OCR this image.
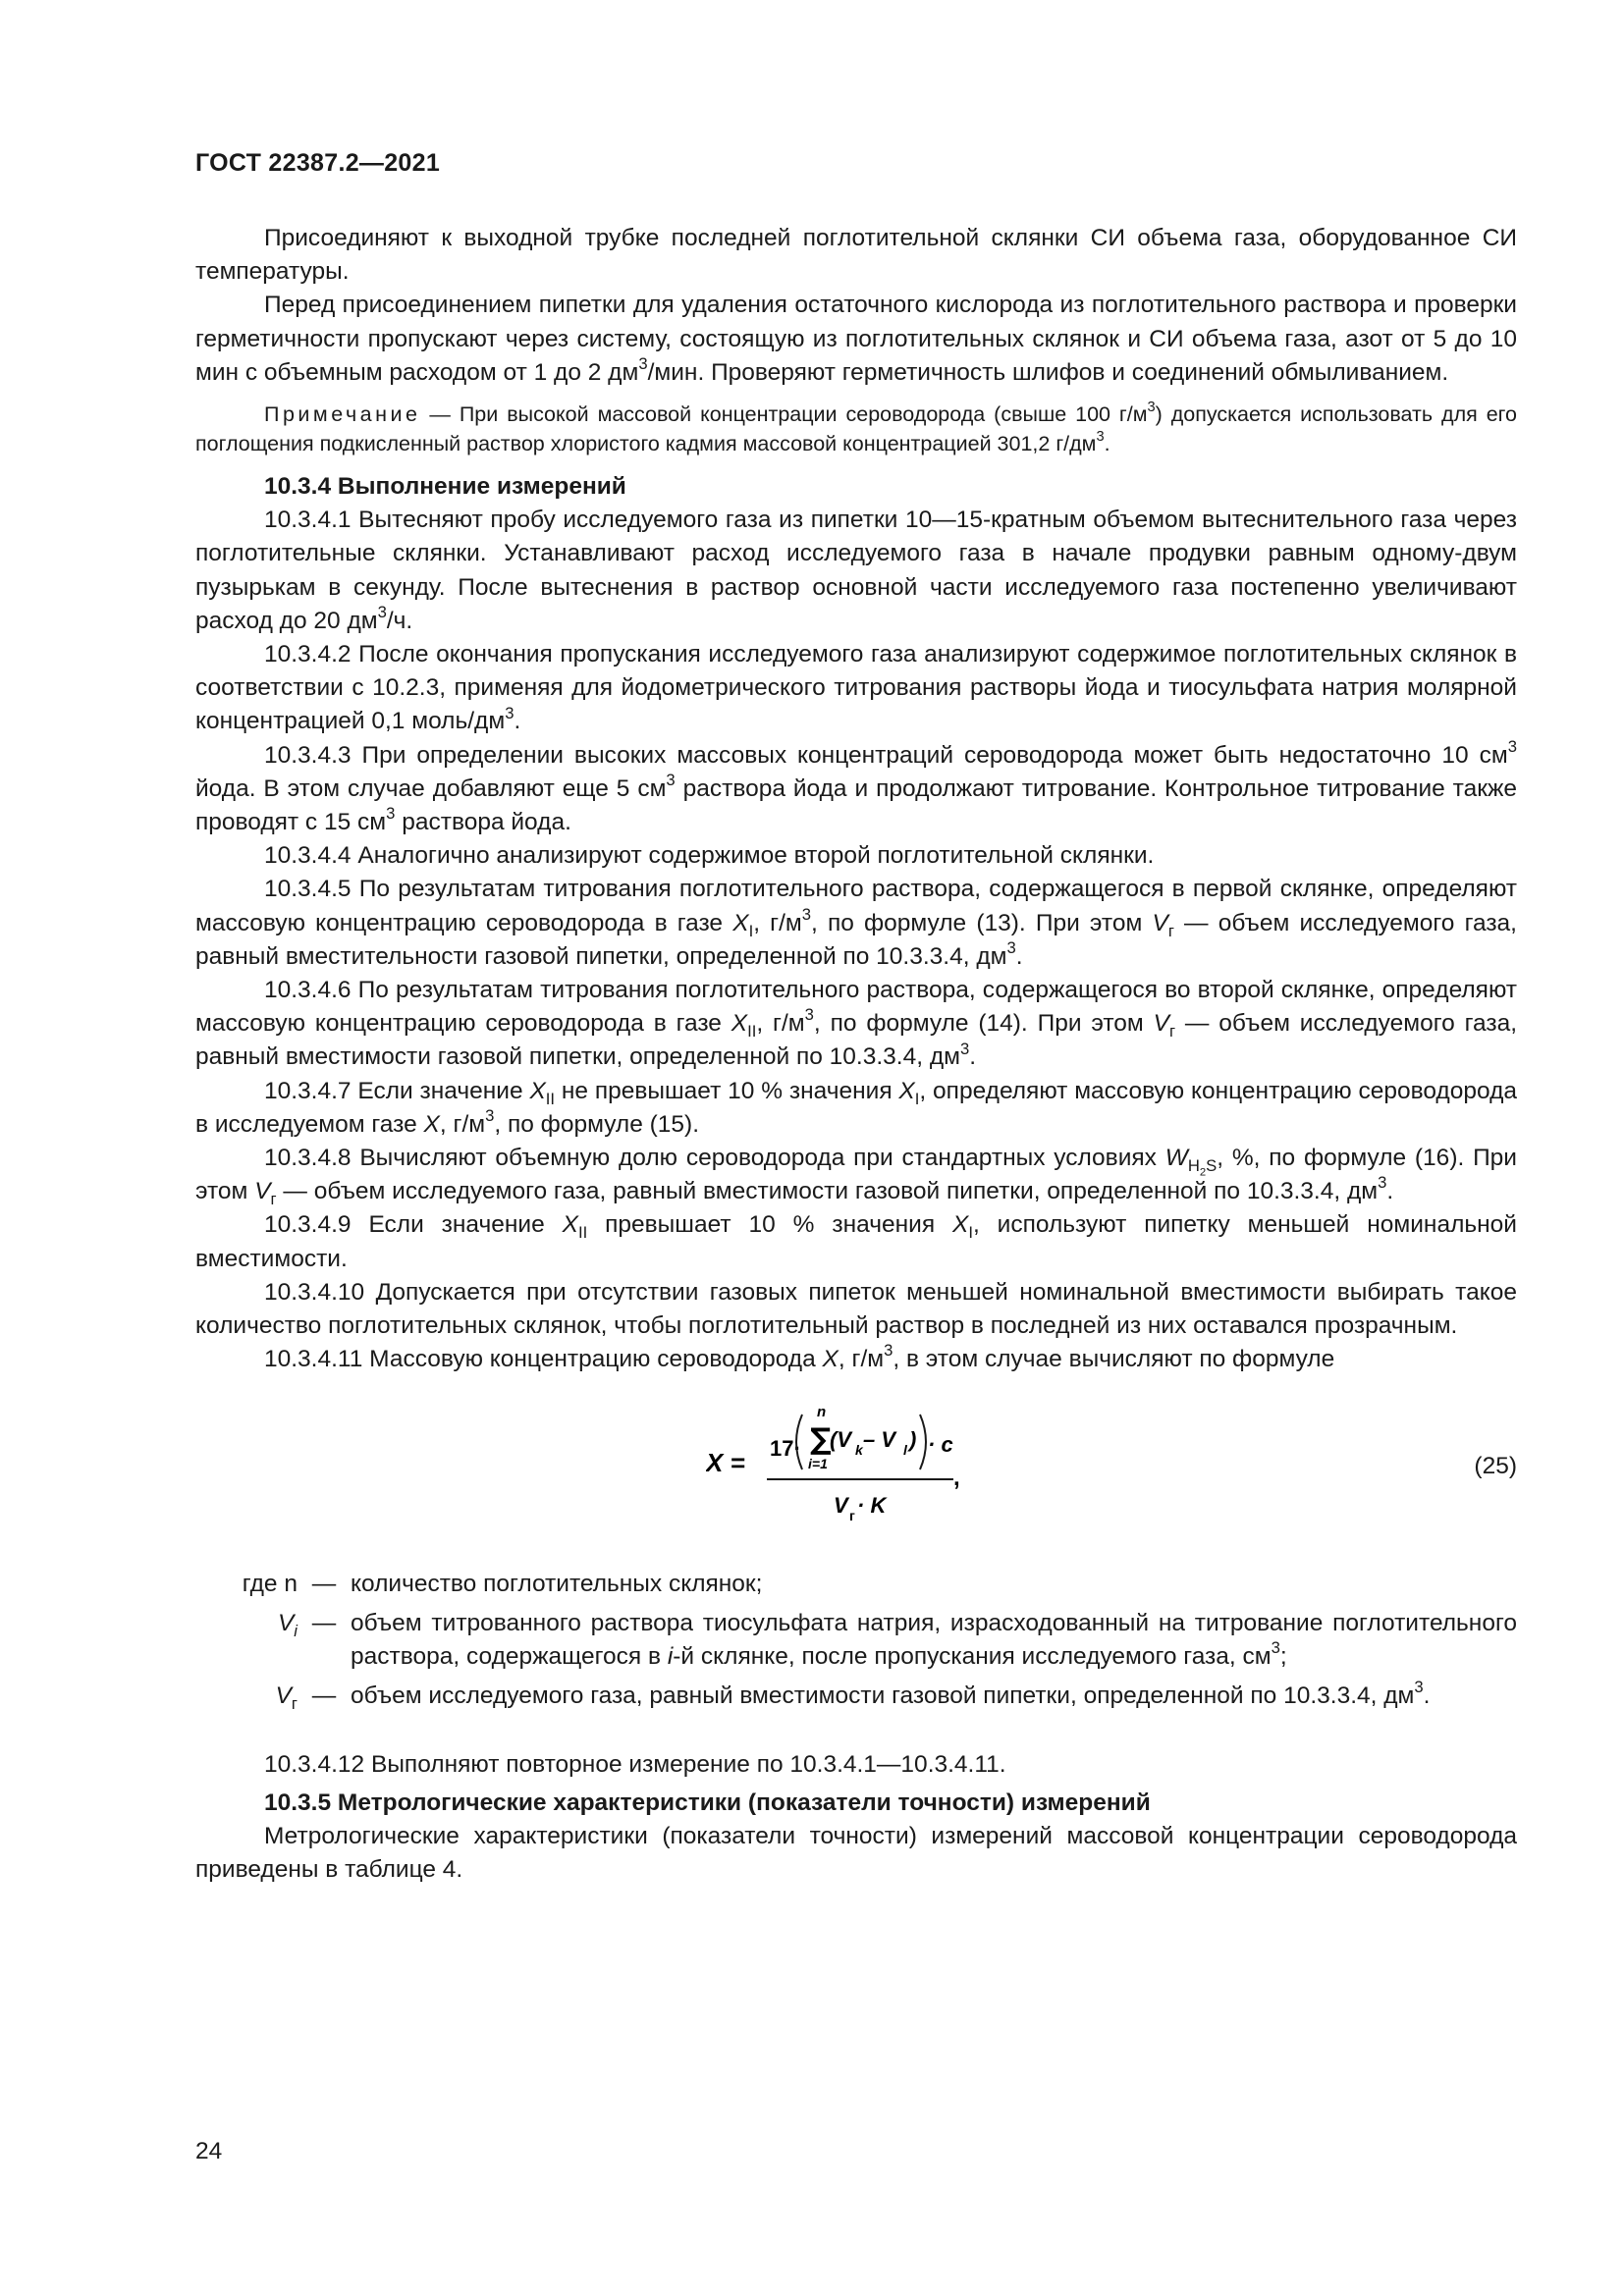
ГОСТ 22387.2—2021

Присоединяют к выходной трубке последней поглотительной склянки СИ объема газа, оборудованное СИ температуры.

Перед присоединением пипетки для удаления остаточного кислорода из поглотительного раствора и проверки герметичности пропускают через систему, состоящую из поглотительных склянок и СИ объема газа, азот от 5 до 10 мин с объемным расходом от 1 до 2 $дм^3$/мин. Проверяют герметичность шлифов и соединений обмыливанием.

Примечание — При высокой массовой концентрации сероводорода (свыше 100 $г/м^3$) допускается использовать для его поглощения подкисленный раствор хлористого кадмия массовой концентрацией 301,2 $г/дм^3$.

10.3.4 Выполнение измерений

10.3.4.1 Вытесняют пробу исследуемого газа из пипетки 10—15-кратным объемом вытеснительного газа через поглотительные склянки. Устанавливают расход исследуемого газа в начале продувки равным одному-двум пузырькам в секунду. После вытеснения в раствор основной части исследуемого газа постепенно увеличивают расход до 20 $дм^3/ч$.

10.3.4.2 После окончания пропускания исследуемого газа анализируют содержимое поглотительных склянок в соответствии с 10.2.3, применяя для йодометрического титрования растворы йода и тиосульфата натрия молярной концентрацией 0,1 моль/$дм^3$.

10.3.4.3 При определении высоких массовых концентраций сероводорода может быть недостаточно 10 $см^3$ йода. В этом случае добавляют еще 5 $см^3$ раствора йода и продолжают титрование. Контрольное титрование также проводят с 15 $см^3$ раствора йода.

10.3.4.4 Аналогично анализируют содержимое второй поглотительной склянки.

10.3.4.5 По результатам титрования поглотительного раствора, содержащегося в первой склянке, определяют массовую концентрацию сероводорода в газе $X_I$, $г/м^3$, по формуле (13). При этом $V_г$ — объем исследуемого газа, равный вместительности газовой пипетки, определенной по 10.3.3.4, $дм^3$.

10.3.4.6 По результатам титрования поглотительного раствора, содержащегося во второй склянке, определяют массовую концентрацию сероводорода в газе $X_{II}$, $г/м^3$, по формуле (14). При этом $V_г$ — объем исследуемого газа, равный вместимости газовой пипетки, определенной по 10.3.3.4, $дм^3$.

10.3.4.7 Если значение $X_{II}$ не превышает 10 % значения $X_I$, определяют массовую концентрацию сероводорода в исследуемом газе X, $г/м^3$, по формуле (15).

10.3.4.8 Вычисляют объемную долю сероводорода при стандартных условиях $W_{H_2S}$, %, по формуле (16). При этом $V_г$ — объем исследуемого газа, равный вместимости газовой пипетки, определенной по 10.3.3.4, $дм^3$.

10.3.4.9 Если значение $X_{II}$ превышает 10 % значения $X_I$, используют пипетку меньшей номинальной вместимости.

10.3.4.10 Допускается при отсутствии газовых пипеток меньшей номинальной вместимости выбирать такое количество поглотительных склянок, чтобы поглотительный раствор в последней из них оставался прозрачным.

10.3.4.11 Массовую концентрацию сероводорода X, $г/м^3$, в этом случае вычисляют по формуле

X = 17·
n
∑
i=1
(V k – V l ) · c
V г · K
,	(25)
где n — количество поглотительных склянок;
$V_i$ — объем титрованного раствора тиосульфата натрия, израсходованный на титрование поглотительного раствора, содержащегося в i-й склянке, после пропускания исследуемого газа, $см^3$;
$V_г$ — объем исследуемого газа, равный вместимости газовой пипетки, определенной по 10.3.3.4, $дм^3$.

10.3.4.12 Выполняют повторное измерение по 10.3.4.1—10.3.4.11.

10.3.5 Метрологические характеристики (показатели точности) измерений

Метрологические характеристики (показатели точности) измерений массовой концентрации сероводорода приведены в таблице 4.

24
